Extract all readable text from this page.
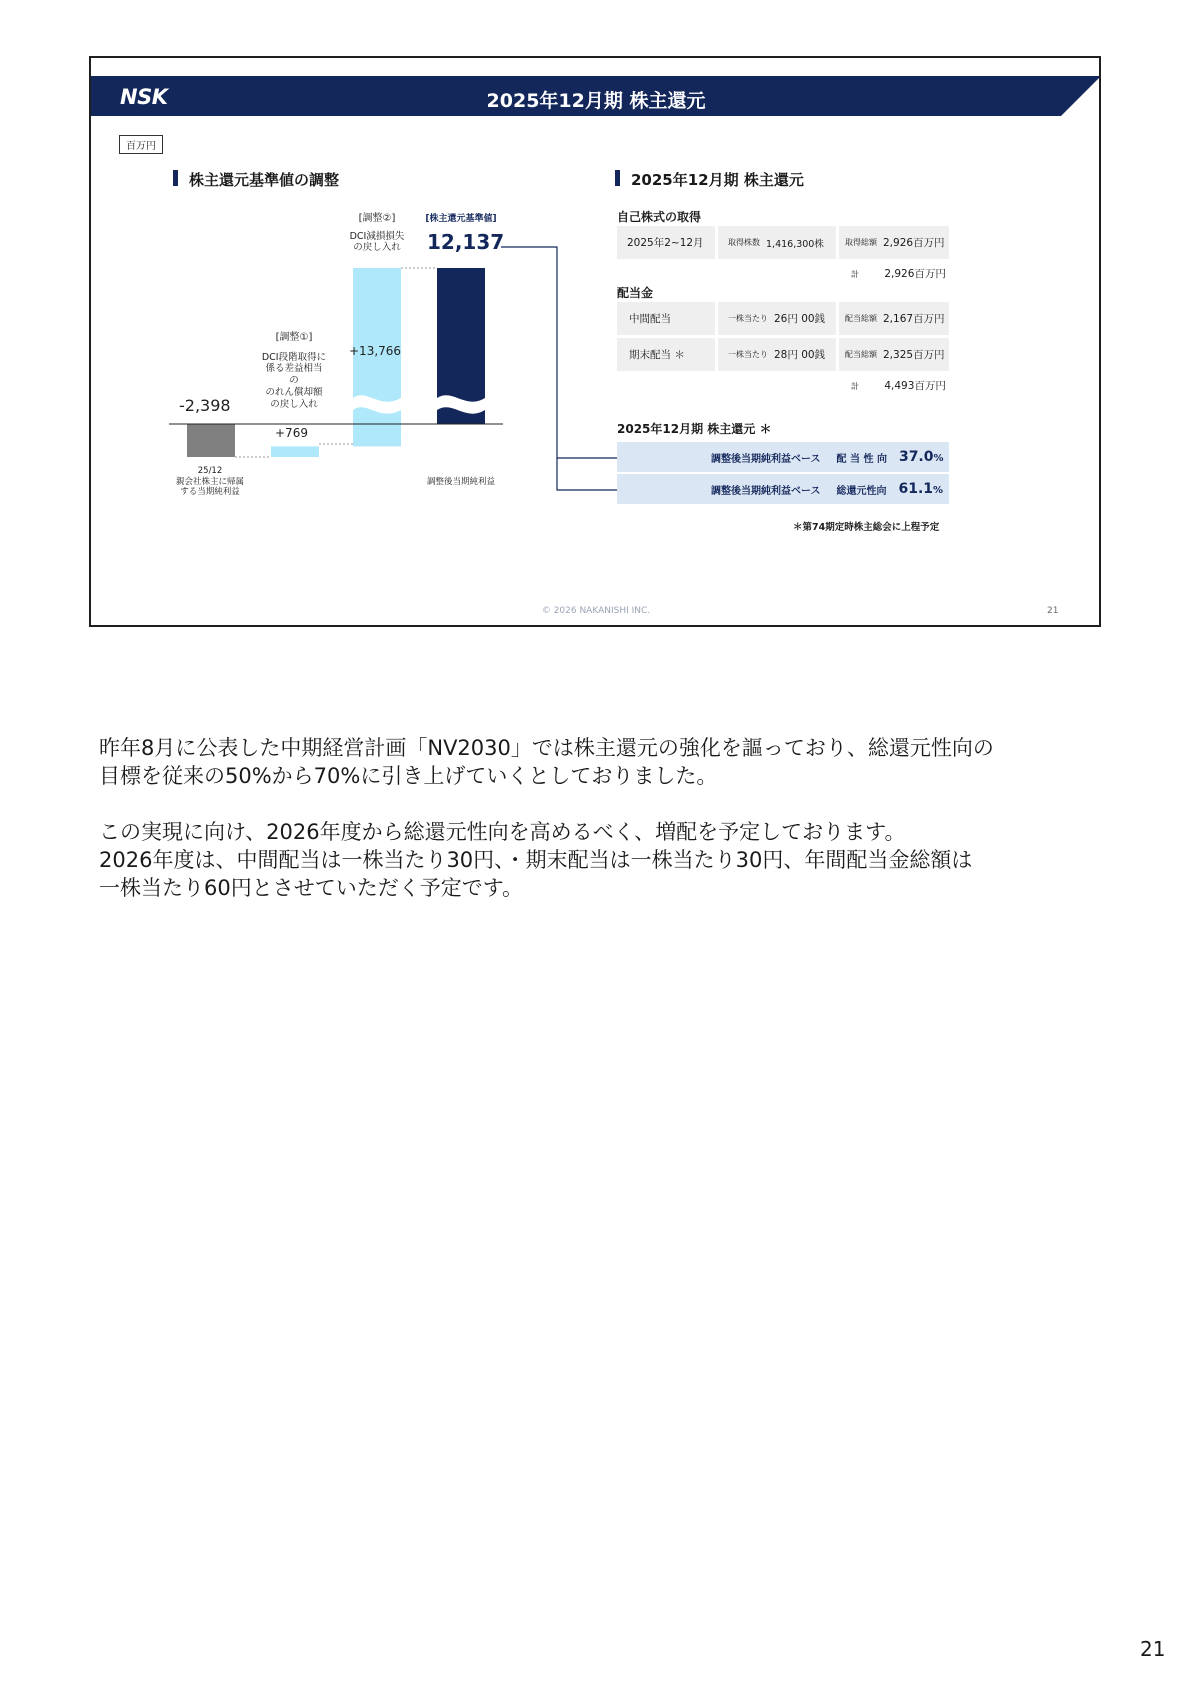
NSK	2025年12月期 株主還元
百万円
株主還元基準値の調整	2025年12月期 株主還元
-2,398
+769
+13,766
12,137
[調整①]
DCI段階取得に
係る差益相当の
のれん償却額
の戻し入れ
[調整②]
DCI減損損失
の戻し入れ
[株主還元基準値]
25/12
親会社株主に帰属
する当期純利益
調整後当期純利益
自己株式の取得
2025年2~12月	取得株数 1,416,300株	取得総額 2,926百万円
計 2,926百万円
配当金
中間配当	一株当たり 26円 00銭 配当総額 2,167百万円
期末配当 ＊	一株当たり 28円 00銭 配当総額 2,325百万円
計 4,493百万円
2025年12月期 株主還元 ＊
調整後当期純利益ベース 配 当 性 向 37.0%
調整後当期純利益ベース 総還元性向 61.1%
＊第74期定時株主総会に上程予定
© 2026 NAKANISHI INC.	21
昨年8月に公表した中期経営計画「NV2030」では株主還元の強化を謳っており、総還元性向の
目標を従来の50%から70%に引き上げていくとしておりました。
この実現に向け、2026年度から総還元性向を高めるべく、増配を予定しております。
2026年度は、中間配当は一株当たり30円、・期末配当は一株当たり30円、年間配当金総額は
一株当たり60円とさせていただく予定です。
21
